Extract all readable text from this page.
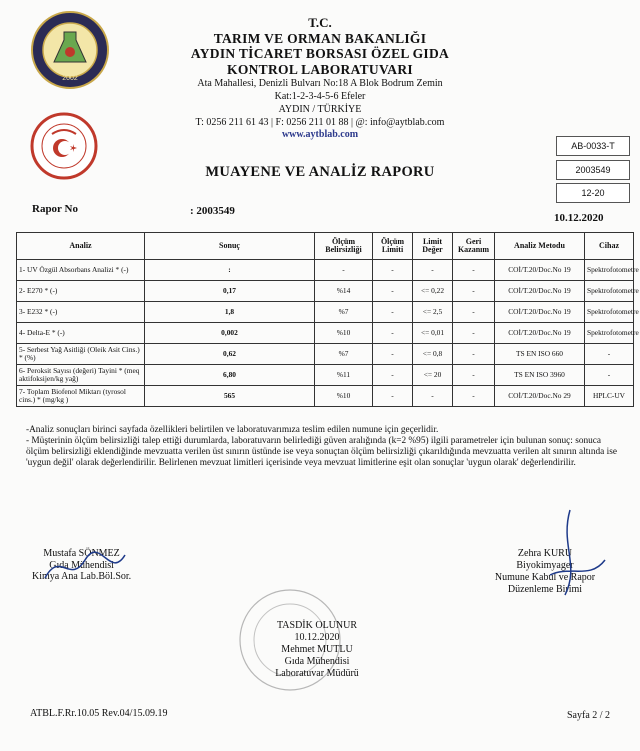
2002
T.C.
TARIM VE ORMAN BAKANLIĞI
AYDIN TİCARET BORSASI ÖZEL GIDA
KONTROL LABORATUVARI
Ata Mahallesi, Denizli Bulvarı No:18 A Blok Bodrum Zemin
Kat:1-2-3-4-5-6 Efeler
AYDIN / TÜRKİYE
T: 0256 211 61 43 | F: 0256 211 01 88 | @: info@aytblab.com
www.aytblab.com
AB-0033-T
2003549
12-20
MUAYENE VE ANALİZ RAPORU
Rapor No	: 2003549
10.12.2020
Analiz	Sonuç	Ölçüm Belirsizliği	Ölçüm Limiti	Limit Değer	Geri Kazanım	Analiz Metodu	Cihaz
1- UV Özgül Absorbans Analizi * (-)	:	-	-	-	-	COİ/T.20/Doc.No 19	Spektrofotometre
2- E270 * (-)	0,17	%14	-	<= 0,22	-	COİ/T.20/Doc.No 19	Spektrofotometre
3- E232 * (-)	1,8	%7	-	<= 2,5	-	COİ/T.20/Doc.No 19	Spektrofotometre
4- Delta-E * (-)	0,002	%10	-	<= 0,01	-	COİ/T.20/Doc.No 19	Spektrofotometre
5- Serbest Yağ Asitliği (Oleik Asit Cins.) * (%)	0,62	%7	-	<= 0,8	-	TS EN ISO 660	-
6- Peroksit Sayısı (değeri) Tayini * (meq aktifoksijen/kg yağ)	6,80	%11	-	<= 20	-	TS EN ISO 3960	-
7- Toplam Biofenol Miktarı (tyrosol cins.) * (mg/kg )	565	%10	-	-	-	COİ/T.20/Doc.No 29	HPLC-UV
-Analiz sonuçları birinci sayfada özellikleri belirtilen ve laboratuvarımıza teslim edilen numune için geçerlidir.
- Müşterinin ölçüm belirsizliği talep ettiği durumlarda, laboratuvarın belirlediği güven aralığında (k=2 %95) ilgili parametreler için bulunan sonuç: sonuca ölçüm belirsizliği eklendiğinde mevzuatta verilen üst sınırın üstünde ise veya sonuçtan ölçüm belirsizliği çıkarıldığında mevzuatta verilen alt sınırın altında ise 'uygun değil' olarak değerlendirilir. Belirlenen mevzuat limitleri içerisinde veya mevzuat limitlerine eşit olan sonuçlar 'uygun olarak' değerlendirilir.
Mustafa SÖNMEZ
Gıda Mühendisi
Kimya Ana Lab.Böl.Sor.
Zehra KURU
Biyokimyager
Numune Kabul ve Rapor
Düzenleme Birimi
TASDİK OLUNUR
10.12.2020
Mehmet MUTLU
Gıda Mühendisi
Laboratuvar Müdürü
ATBL.F.Rr.10.05 Rev.04/15.09.19	Sayfa 2 / 2
